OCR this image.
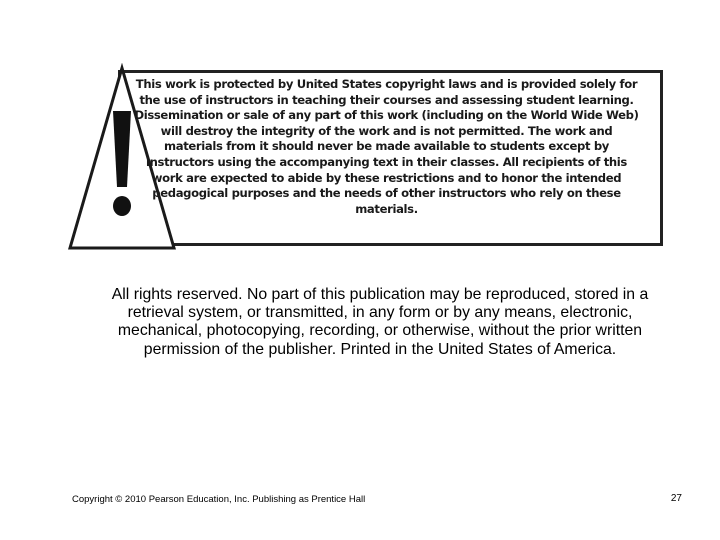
This work is protected by United States copyright laws and is provided solely for the use of instructors in teaching their courses and assessing student learning. Dissemination or sale of any part of this work (including on the World Wide Web) will destroy the integrity of the work and is not permitted. The work and materials from it should never be made available to students except by instructors using the accompanying text in their classes. All recipients of this work are expected to abide by these restrictions and to honor the intended pedagogical purposes and the needs of other instructors who rely on these materials.

All rights reserved. No part of this publication may be reproduced, stored in a retrieval system, or transmitted, in any form or by any means, electronic, mechanical, photocopying, recording, or otherwise, without the prior written permission of the publisher. Printed in the United States of America.

Copyright © 2010 Pearson Education, Inc. Publishing as Prentice Hall	27
